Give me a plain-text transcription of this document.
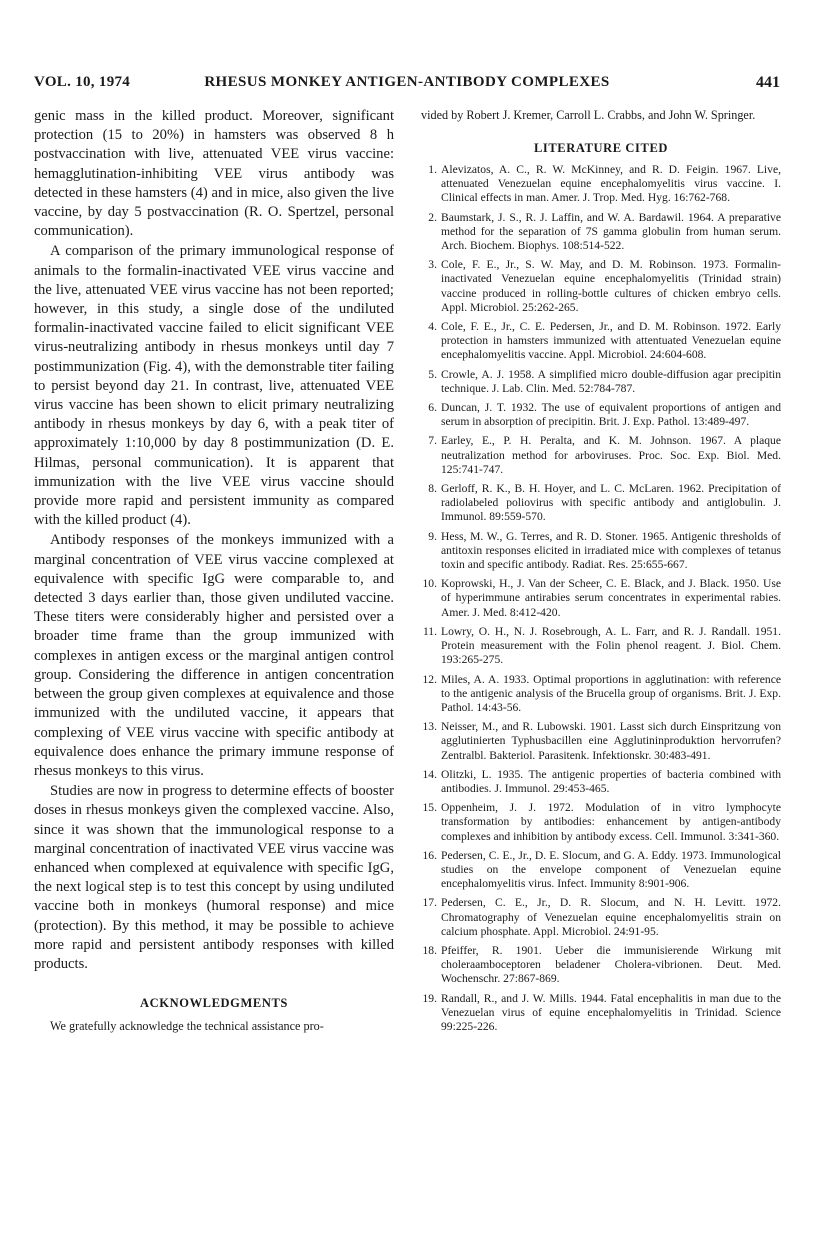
VOL. 10, 1974	RHESUS MONKEY ANTIGEN-ANTIBODY COMPLEXES	441

genic mass in the killed product. Moreover, significant protection (15 to 20%) in hamsters was observed 8 h postvaccination with live, attenuated VEE virus vaccine: hemagglutination-inhibiting VEE virus antibody was detected in these hamsters (4) and in mice, also given the live vaccine, by day 5 postvaccination (R. O. Spertzel, personal communication).

A comparison of the primary immunological response of animals to the formalin-inactivated VEE virus vaccine and the live, attenuated VEE virus vaccine has not been reported; however, in this study, a single dose of the undiluted formalin-inactivated vaccine failed to elicit significant VEE virus-neutralizing antibody in rhesus monkeys until day 7 postimmunization (Fig. 4), with the demonstrable titer failing to persist beyond day 21. In contrast, live, attenuated VEE virus vaccine has been shown to elicit primary neutralizing antibody in rhesus monkeys by day 6, with a peak titer of approximately 1:10,000 by day 8 postimmunization (D. E. Hilmas, personal communication). It is apparent that immunization with the live VEE virus vaccine should provide more rapid and persistent immunity as compared with the killed product (4).

Antibody responses of the monkeys immunized with a marginal concentration of VEE virus vaccine complexed at equivalence with specific IgG were comparable to, and detected 3 days earlier than, those given undiluted vaccine. These titers were considerably higher and persisted over a broader time frame than the group immunized with complexes in antigen excess or the marginal antigen control group. Considering the difference in antigen concentration between the group given complexes at equivalence and those immunized with the undiluted vaccine, it appears that complexing of VEE virus vaccine with specific antibody at equivalence does enhance the primary immune response of rhesus monkeys to this virus.

Studies are now in progress to determine effects of booster doses in rhesus monkeys given the complexed vaccine. Also, since it was shown that the immunological response to a marginal concentration of inactivated VEE virus vaccine was enhanced when complexed at equivalence with specific IgG, the next logical step is to test this concept by using undiluted vaccine both in monkeys (humoral response) and mice (protection). By this method, it may be possible to achieve more rapid and persistent antibody responses with killed products.

ACKNOWLEDGMENTS

We gratefully acknowledge the technical assistance pro-

vided by Robert J. Kremer, Carroll L. Crabbs, and John W. Springer.

LITERATURE CITED
1. Alevizatos, A. C., R. W. McKinney, and R. D. Feigin. 1967. Live, attenuated Venezuelan equine encephalomyelitis virus vaccine. I. Clinical effects in man. Amer. J. Trop. Med. Hyg. 16:762-768.
2. Baumstark, J. S., R. J. Laffin, and W. A. Bardawil. 1964. A preparative method for the separation of 7S gamma globulin from human serum. Arch. Biochem. Biophys. 108:514-522.
3. Cole, F. E., Jr., S. W. May, and D. M. Robinson. 1973. Formalin-inactivated Venezuelan equine encephalomyelitis (Trinidad strain) vaccine produced in rolling-bottle cultures of chicken embryo cells. Appl. Microbiol. 25:262-265.
4. Cole, F. E., Jr., C. E. Pedersen, Jr., and D. M. Robinson. 1972. Early protection in hamsters immunized with attentuated Venezuelan equine encephalomyelitis vaccine. Appl. Microbiol. 24:604-608.
5. Crowle, A. J. 1958. A simplified micro double-diffusion agar precipitin technique. J. Lab. Clin. Med. 52:784-787.
6. Duncan, J. T. 1932. The use of equivalent proportions of antigen and serum in absorption of precipitin. Brit. J. Exp. Pathol. 13:489-497.
7. Earley, E., P. H. Peralta, and K. M. Johnson. 1967. A plaque neutralization method for arboviruses. Proc. Soc. Exp. Biol. Med. 125:741-747.
8. Gerloff, R. K., B. H. Hoyer, and L. C. McLaren. 1962. Precipitation of radiolabeled poliovirus with specific antibody and antiglobulin. J. Immunol. 89:559-570.
9. Hess, M. W., G. Terres, and R. D. Stoner. 1965. Antigenic thresholds of antitoxin responses elicited in irradiated mice with complexes of tetanus toxin and specific antibody. Radiat. Res. 25:655-667.
10. Koprowski, H., J. Van der Scheer, C. E. Black, and J. Black. 1950. Use of hyperimmune antirabies serum concentrates in experimental rabies. Amer. J. Med. 8:412-420.
11. Lowry, O. H., N. J. Rosebrough, A. L. Farr, and R. J. Randall. 1951. Protein measurement with the Folin phenol reagent. J. Biol. Chem. 193:265-275.
12. Miles, A. A. 1933. Optimal proportions in agglutination: with reference to the antigenic analysis of the Brucella group of organisms. Brit. J. Exp. Pathol. 14:43-56.
13. Neisser, M., and R. Lubowski. 1901. Lasst sich durch Einspritzung von agglutinierten Typhusbacillen eine Agglutininproduktion hervorrufen? Zentralbl. Bakteriol. Parasitenk. Infektionskr. 30:483-491.
14. Olitzki, L. 1935. The antigenic properties of bacteria combined with antibodies. J. Immunol. 29:453-465.
15. Oppenheim, J. J. 1972. Modulation of in vitro lymphocyte transformation by antibodies: enhancement by antigen-antibody complexes and inhibition by antibody excess. Cell. Immunol. 3:341-360.
16. Pedersen, C. E., Jr., D. E. Slocum, and G. A. Eddy. 1973. Immunological studies on the envelope component of Venezuelan equine encephalomyelitis virus. Infect. Immunity 8:901-906.
17. Pedersen, C. E., Jr., D. R. Slocum, and N. H. Levitt. 1972. Chromatography of Venezuelan equine encephalomyelitis strain on calcium phosphate. Appl. Microbiol. 24:91-95.
18. Pfeiffer, R. 1901. Ueber die immunisierende Wirkung mit choleraamboceptoren beladener Cholera-vibrionen. Deut. Med. Wochenschr. 27:867-869.
19. Randall, R., and J. W. Mills. 1944. Fatal encephalitis in man due to the Venezuelan virus of equine encephalomyelitis in Trinidad. Science 99:225-226.
